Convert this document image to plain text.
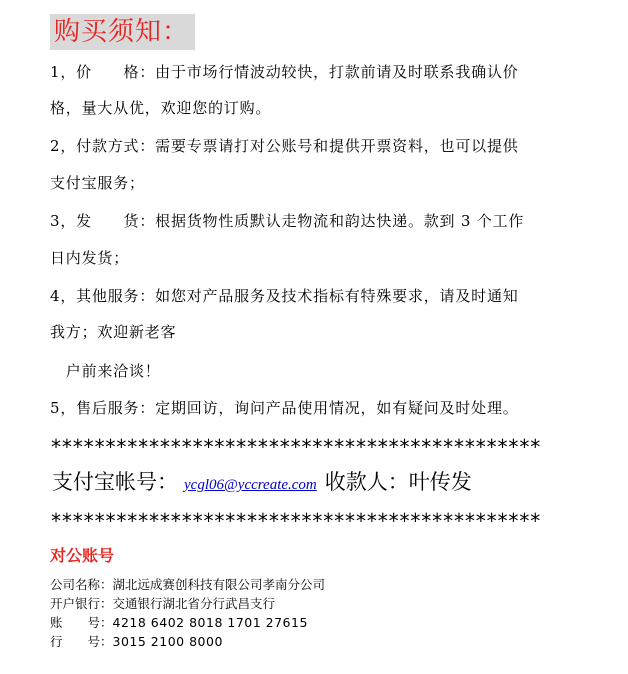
购买须知：
1，价　　格：由于市场行情波动较快，打款前请及时联系我确认价
格，量大从优，欢迎您的订购。
2，付款方式：需要专票请打对公账号和提供开票资料，也可以提供
支付宝服务；
3，发　　货：根据货物性质默认走物流和韵达快递。款到 3 个工作
日内发货；
4，其他服务：如您对产品服务及技术指标有特殊要求，请及时通知
我方；欢迎新老客
　户前来洽谈！
5，售后服务：定期回访，询问产品使用情况，如有疑问及时处理。
*********************************************
支付宝帐号： ycgl06@yccreate.com 收款人：叶传发
*********************************************
对公账号
公司名称：湖北远成赛创科技有限公司孝南分公司
开户银行：交通银行湖北省分行武昌支行
账　　号：4218 6402 8018 1701 27615
行　　号：3015 2100 8000
